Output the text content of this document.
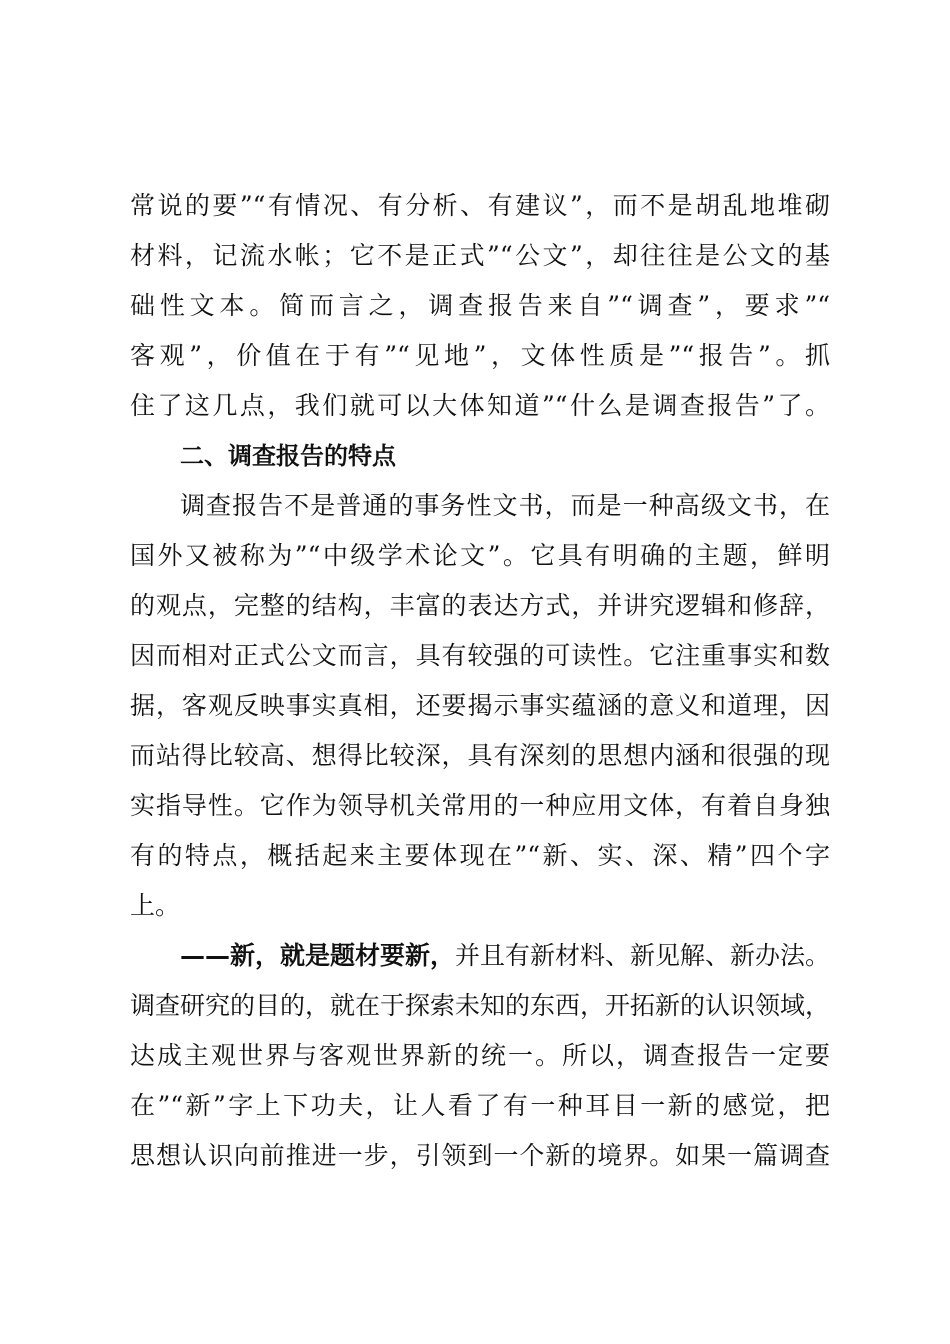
常说的要”“有情况、有分析、有建议”，而不是胡乱地堆砌
材料，记流水帐；它不是正式”“公文”，却往往是公文的基
础性文本。简而言之，调查报告来自”“调查”，要求”“
客观”，价值在于有”“见地”，文体性质是”“报告”。抓
住了这几点，我们就可以大体知道”“什么是调查报告”了。
二、调查报告的特点
调查报告不是普通的事务性文书，而是一种高级文书，在
国外又被称为”“中级学术论文”。它具有明确的主题，鲜明
的观点，完整的结构，丰富的表达方式，并讲究逻辑和修辞，
因而相对正式公文而言，具有较强的可读性。它注重事实和数
据，客观反映事实真相，还要揭示事实蕴涵的意义和道理，因
而站得比较高、想得比较深，具有深刻的思想内涵和很强的现
实指导性。它作为领导机关常用的一种应用文体，有着自身独
有的特点，概括起来主要体现在”“新、实、深、精”四个字
上。
——新，就是题材要新，并且有新材料、新见解、新办法。
调查研究的目的，就在于探索未知的东西，开拓新的认识领域，
达成主观世界与客观世界新的统一。所以，调查报告一定要
在”“新”字上下功夫，让人看了有一种耳目一新的感觉，把
思想认识向前推进一步，引领到一个新的境界。如果一篇调查
